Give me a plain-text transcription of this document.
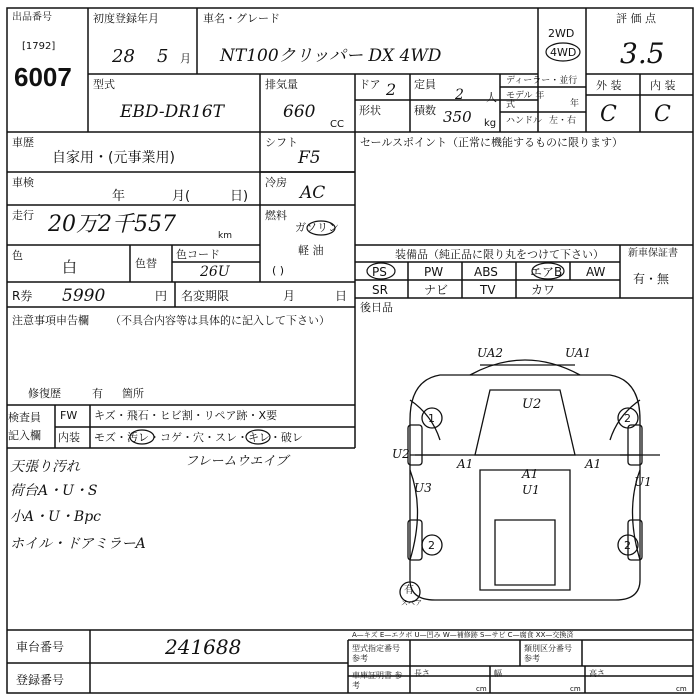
出品番号
[1792]
6007
初度登録年月
28 5 月
車名・グレード
NT100クリッパー DX 4WD
2WD
4WD
評 価 点
3.5
型式
EBD-DR16T
排気量
660
CC
ドア 2 定員
2 人
形状	積数 350 kg
ディーラー・並行
モデル 年式	年
ハンドル 左・右
外 装	内 装
C C
車歴
自家用・(元事業用)
シフト
F5
車検
年	月(	日)
冷房
AC
走行 20万2千557	km
燃料
ガソリン
軽 油
( )
色
白	色替
色コード
26U
R券 5990	円 名変期限	月	日
セールスポイント（正常に機能するものに限ります）
装備品（純正品に限り丸をつけて下さい） 新車保証書
有・無
PS	PW	ABS	エアB AW
SR	ナビ	TV	カワ
後日品
注意事項申告欄 （不具合内容等は具体的に記入して下さい）
修復歴	有 箇所
検査員 記入欄
FW キズ・飛石・ヒビ割・リペア跡・X要
内装 モズ・汚レ・コゲ・穴・スレ・キレ・破レ
天張り汚れ
荷台A・U・S
小A・U・Bpc
ホイル・ドアミラーA
フレームウエイブ
UA2	UA1
U2
U2
A1	A1
A1
U1
U3	U1
有
スペア
1	2
2	2
A—キズ E—エクボ U—凹み W—補修跡 S—サビ C—腐食 XX—交換済
車台番号	241688
登録番号
型式指定番号 参考
類別区分番号 参考
車庫証明書 参考
長さ	幅	高さ
cm	cm	cm
